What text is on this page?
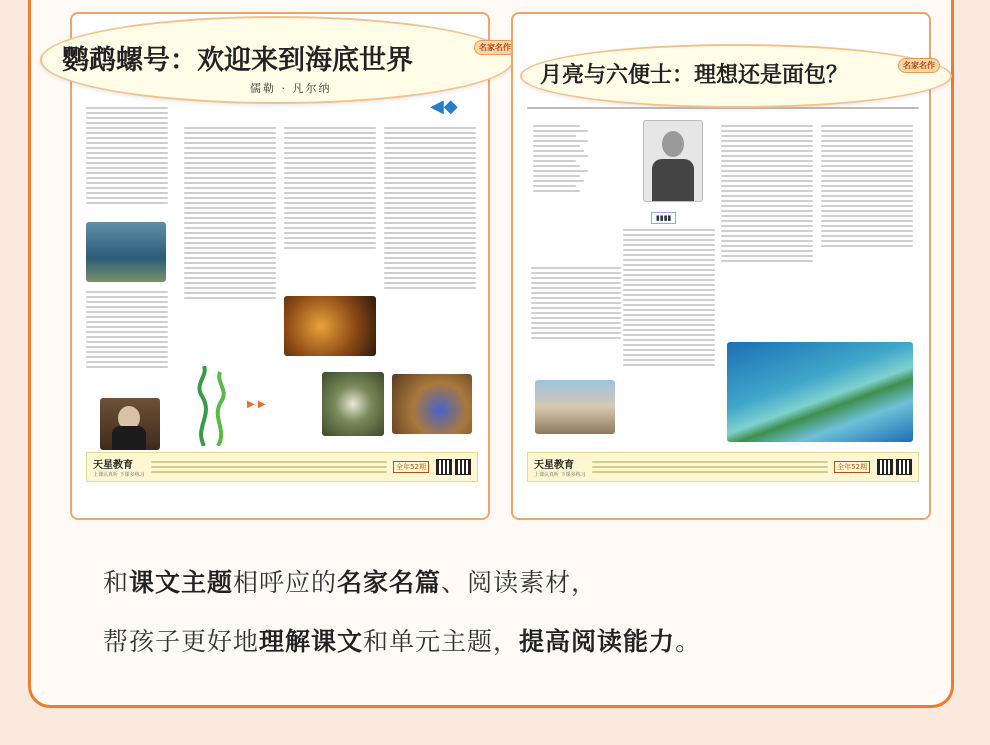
▶ ▶
天星教育
上课认真听 下课多练习
全年52期
鹦鹉螺号：欢迎来到海底世界	名家名作
儒勒 · 凡尔纳
◀◆
▮▮▮▮
天星教育
上课认真听 下课多练习
全年52期
月亮与六便士：理想还是面包？	名家名作
和课文主题相呼应的名家名篇、阅读素材，
帮孩子更好地理解课文和单元主题，提高阅读能力。
